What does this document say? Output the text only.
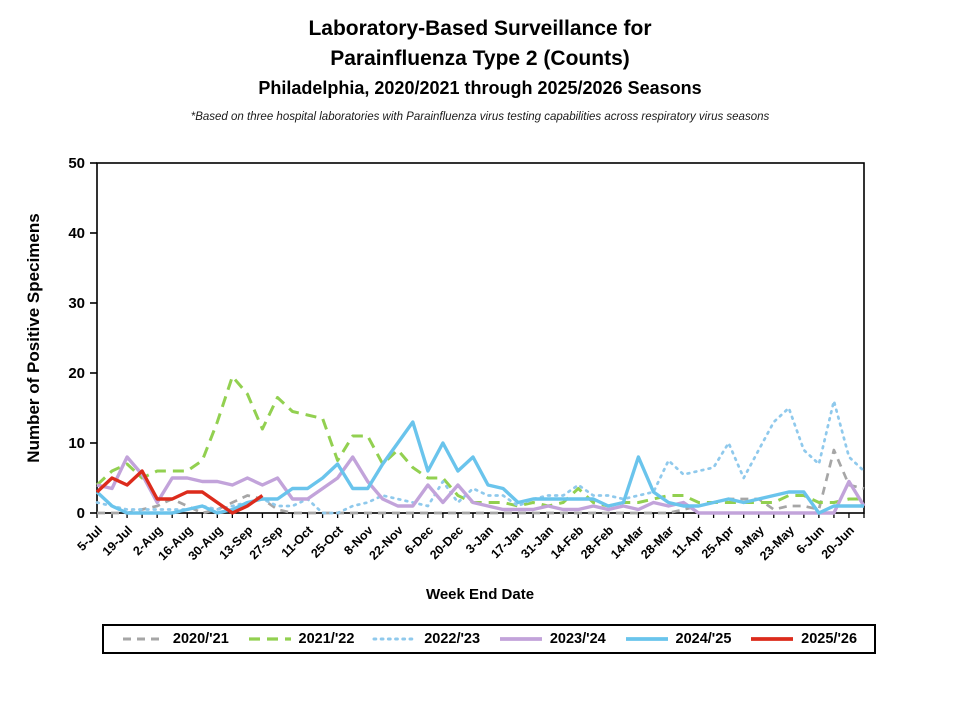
0
10
20
30
40
50
5-Jul
19-Jul
2-Aug
16-Aug
30-Aug
13-Sep
27-Sep
11-Oct
25-Oct
8-Nov
22-Nov
6-Dec
20-Dec
3-Jan
17-Jan
31-Jan
14-Feb
28-Feb
14-Mar
28-Mar
11-Apr
25-Apr
9-May
23-May
6-Jun
20-Jun
Laboratory-Based Surveillance for
Parainfluenza Type 2 (Counts)
Philadelphia, 2020/2021 through 2025/2026 Seasons
*Based on three hospital laboratories with Parainfluenza virus testing capabilities across respiratory virus seasons
Number of Positive Specimens
Week End Date
2020/'21	2021/'22	2022/'23	2023/'24	2024/'25	2025/'26
